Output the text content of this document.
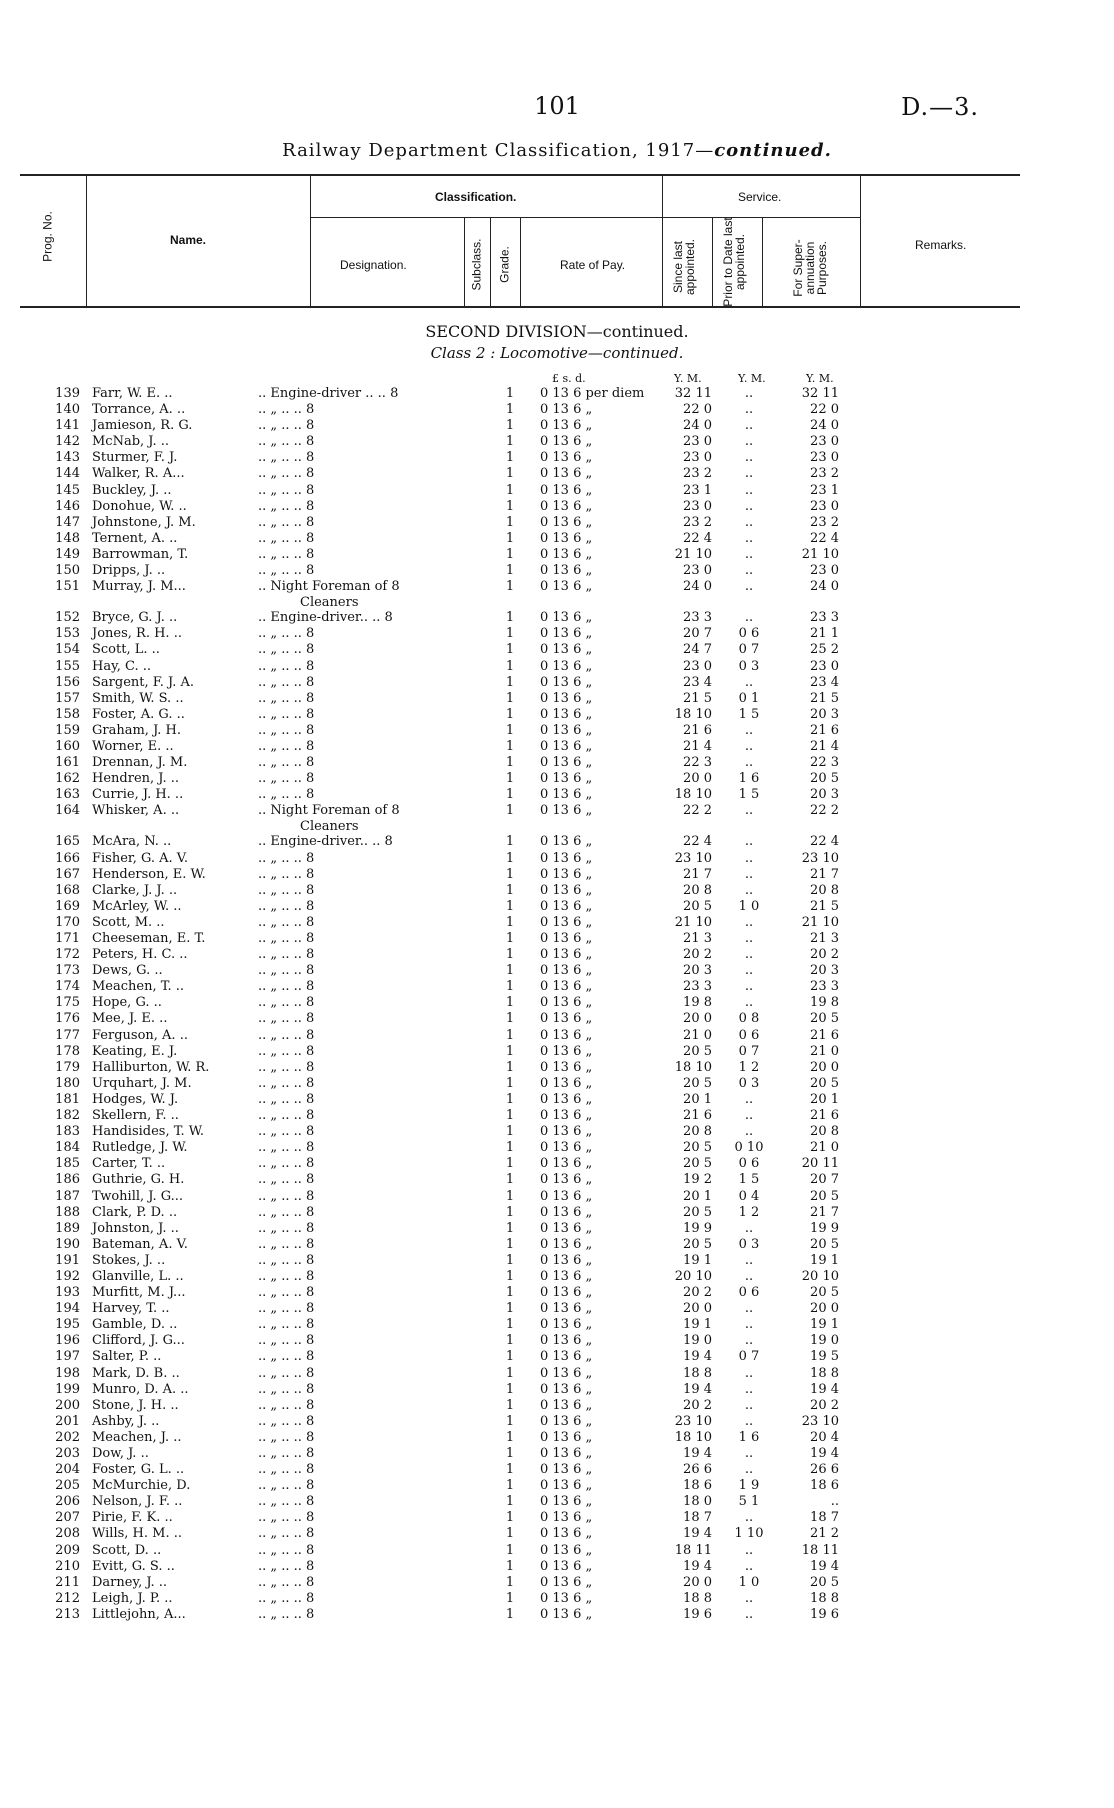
101	D.—3.
Railway Department Classification, 1917—continued.
Prog. No.	Name.
Classification.
Designation.	Subclass. Grade.	Rate of Pay.
Service.
Since last appointed. Prior to Date last appointed.	For Super-annuation Purposes.	Remarks.
SECOND DIVISION—continued.
Class 2 : Locomotive—continued.
£ s. d.	Y. M.	Y. M.	Y. M.
139 Farr, W. E. ..	.. Engine-driver .. .. 8	1 0 13 6 per diem	32 11	..	32 11
140 Torrance, A. ..	.. „ .. .. 8	1 0 13 6 „	22 0	..	22 0
141 Jamieson, R. G.	.. „ .. .. 8	1 0 13 6 „	24 0	..	24 0
142 McNab, J. ..	.. „ .. .. 8	1 0 13 6 „	23 0	..	23 0
143 Sturmer, F. J.	.. „ .. .. 8	1 0 13 6 „	23 0	..	23 0
144 Walker, R. A...	.. „ .. .. 8	1 0 13 6 „	23 2	..	23 2
145 Buckley, J. ..	.. „ .. .. 8	1 0 13 6 „	23 1	..	23 1
146 Donohue, W. ..	.. „ .. .. 8	1 0 13 6 „	23 0	..	23 0
147 Johnstone, J. M.	.. „ .. .. 8	1 0 13 6 „	23 2	..	23 2
148 Ternent, A. ..	.. „ .. .. 8	1 0 13 6 „	22 4	..	22 4
149 Barrowman, T.	.. „ .. .. 8	1 0 13 6 „	21 10	..	21 10
150 Dripps, J. ..	.. „ .. .. 8	1 0 13 6 „	23 0	..	23 0
151 Murray, J. M...	.. Night Foreman of 8	1 0 13 6 „	24 0	..	24 0
Cleaners
152 Bryce, G. J. ..	.. Engine-driver.. .. 8	1 0 13 6 „	23 3	..	23 3
153 Jones, R. H. ..	.. „ .. .. 8	1 0 13 6 „	20 7	0 6	21 1
154 Scott, L. ..	.. „ .. .. 8	1 0 13 6 „	24 7	0 7	25 2
155 Hay, C. ..	.. „ .. .. 8	1 0 13 6 „	23 0	0 3	23 0
156 Sargent, F. J. A.	.. „ .. .. 8	1 0 13 6 „	23 4	..	23 4
157 Smith, W. S. ..	.. „ .. .. 8	1 0 13 6 „	21 5	0 1	21 5
158 Foster, A. G. ..	.. „ .. .. 8	1 0 13 6 „	18 10	1 5	20 3
159 Graham, J. H.	.. „ .. .. 8	1 0 13 6 „	21 6	..	21 6
160 Worner, E. ..	.. „ .. .. 8	1 0 13 6 „	21 4	..	21 4
161 Drennan, J. M.	.. „ .. .. 8	1 0 13 6 „	22 3	..	22 3
162 Hendren, J. ..	.. „ .. .. 8	1 0 13 6 „	20 0	1 6	20 5
163 Currie, J. H. ..	.. „ .. .. 8	1 0 13 6 „	18 10	1 5	20 3
164 Whisker, A. ..	.. Night Foreman of 8	1 0 13 6 „	22 2	..	22 2
Cleaners
165 McAra, N. ..	.. Engine-driver.. .. 8	1 0 13 6 „	22 4	..	22 4
166 Fisher, G. A. V.	.. „ .. .. 8	1 0 13 6 „	23 10	..	23 10
167 Henderson, E. W.	.. „ .. .. 8	1 0 13 6 „	21 7	..	21 7
168 Clarke, J. J. ..	.. „ .. .. 8	1 0 13 6 „	20 8	..	20 8
169 McArley, W. ..	.. „ .. .. 8	1 0 13 6 „	20 5	1 0	21 5
170 Scott, M. ..	.. „ .. .. 8	1 0 13 6 „	21 10	..	21 10
171 Cheeseman, E. T.	.. „ .. .. 8	1 0 13 6 „	21 3	..	21 3
172 Peters, H. C. ..	.. „ .. .. 8	1 0 13 6 „	20 2	..	20 2
173 Dews, G. ..	.. „ .. .. 8	1 0 13 6 „	20 3	..	20 3
174 Meachen, T. ..	.. „ .. .. 8	1 0 13 6 „	23 3	..	23 3
175 Hope, G. ..	.. „ .. .. 8	1 0 13 6 „	19 8	..	19 8
176 Mee, J. E. ..	.. „ .. .. 8	1 0 13 6 „	20 0	0 8	20 5
177 Ferguson, A. ..	.. „ .. .. 8	1 0 13 6 „	21 0	0 6	21 6
178 Keating, E. J.	.. „ .. .. 8	1 0 13 6 „	20 5	0 7	21 0
179 Halliburton, W. R.	.. „ .. .. 8	1 0 13 6 „	18 10	1 2	20 0
180 Urquhart, J. M.	.. „ .. .. 8	1 0 13 6 „	20 5	0 3	20 5
181 Hodges, W. J.	.. „ .. .. 8	1 0 13 6 „	20 1	..	20 1
182 Skellern, F. ..	.. „ .. .. 8	1 0 13 6 „	21 6	..	21 6
183 Handisides, T. W.	.. „ .. .. 8	1 0 13 6 „	20 8	..	20 8
184 Rutledge, J. W.	.. „ .. .. 8	1 0 13 6 „	20 5	0 10	21 0
185 Carter, T. ..	.. „ .. .. 8	1 0 13 6 „	20 5	0 6	20 11
186 Guthrie, G. H.	.. „ .. .. 8	1 0 13 6 „	19 2	1 5	20 7
187 Twohill, J. G...	.. „ .. .. 8	1 0 13 6 „	20 1	0 4	20 5
188 Clark, P. D. ..	.. „ .. .. 8	1 0 13 6 „	20 5	1 2	21 7
189 Johnston, J. ..	.. „ .. .. 8	1 0 13 6 „	19 9	..	19 9
190 Bateman, A. V.	.. „ .. .. 8	1 0 13 6 „	20 5	0 3	20 5
191 Stokes, J. ..	.. „ .. .. 8	1 0 13 6 „	19 1	..	19 1
192 Glanville, L. ..	.. „ .. .. 8	1 0 13 6 „	20 10	..	20 10
193 Murfitt, M. J...	.. „ .. .. 8	1 0 13 6 „	20 2	0 6	20 5
194 Harvey, T. ..	.. „ .. .. 8	1 0 13 6 „	20 0	..	20 0
195 Gamble, D. ..	.. „ .. .. 8	1 0 13 6 „	19 1	..	19 1
196 Clifford, J. G...	.. „ .. .. 8	1 0 13 6 „	19 0	..	19 0
197 Salter, P. ..	.. „ .. .. 8	1 0 13 6 „	19 4	0 7	19 5
198 Mark, D. B. ..	.. „ .. .. 8	1 0 13 6 „	18 8	..	18 8
199 Munro, D. A. ..	.. „ .. .. 8	1 0 13 6 „	19 4	..	19 4
200 Stone, J. H. ..	.. „ .. .. 8	1 0 13 6 „	20 2	..	20 2
201 Ashby, J. ..	.. „ .. .. 8	1 0 13 6 „	23 10	..	23 10
202 Meachen, J. ..	.. „ .. .. 8	1 0 13 6 „	18 10	1 6	20 4
203 Dow, J. ..	.. „ .. .. 8	1 0 13 6 „	19 4	..	19 4
204 Foster, G. L. ..	.. „ .. .. 8	1 0 13 6 „	26 6	..	26 6
205 McMurchie, D.	.. „ .. .. 8	1 0 13 6 „	18 6	1 9	18 6
206 Nelson, J. F. ..	.. „ .. .. 8	1 0 13 6 „	18 0	5 1	..
207 Pirie, F. K. ..	.. „ .. .. 8	1 0 13 6 „	18 7	..	18 7
208 Wills, H. M. ..	.. „ .. .. 8	1 0 13 6 „	19 4	1 10	21 2
209 Scott, D. ..	.. „ .. .. 8	1 0 13 6 „	18 11	..	18 11
210 Evitt, G. S. ..	.. „ .. .. 8	1 0 13 6 „	19 4	..	19 4
211 Darney, J. ..	.. „ .. .. 8	1 0 13 6 „	20 0	1 0	20 5
212 Leigh, J. P. ..	.. „ .. .. 8	1 0 13 6 „	18 8	..	18 8
213 Littlejohn, A...	.. „ .. .. 8	1 0 13 6 „	19 6	..	19 6
